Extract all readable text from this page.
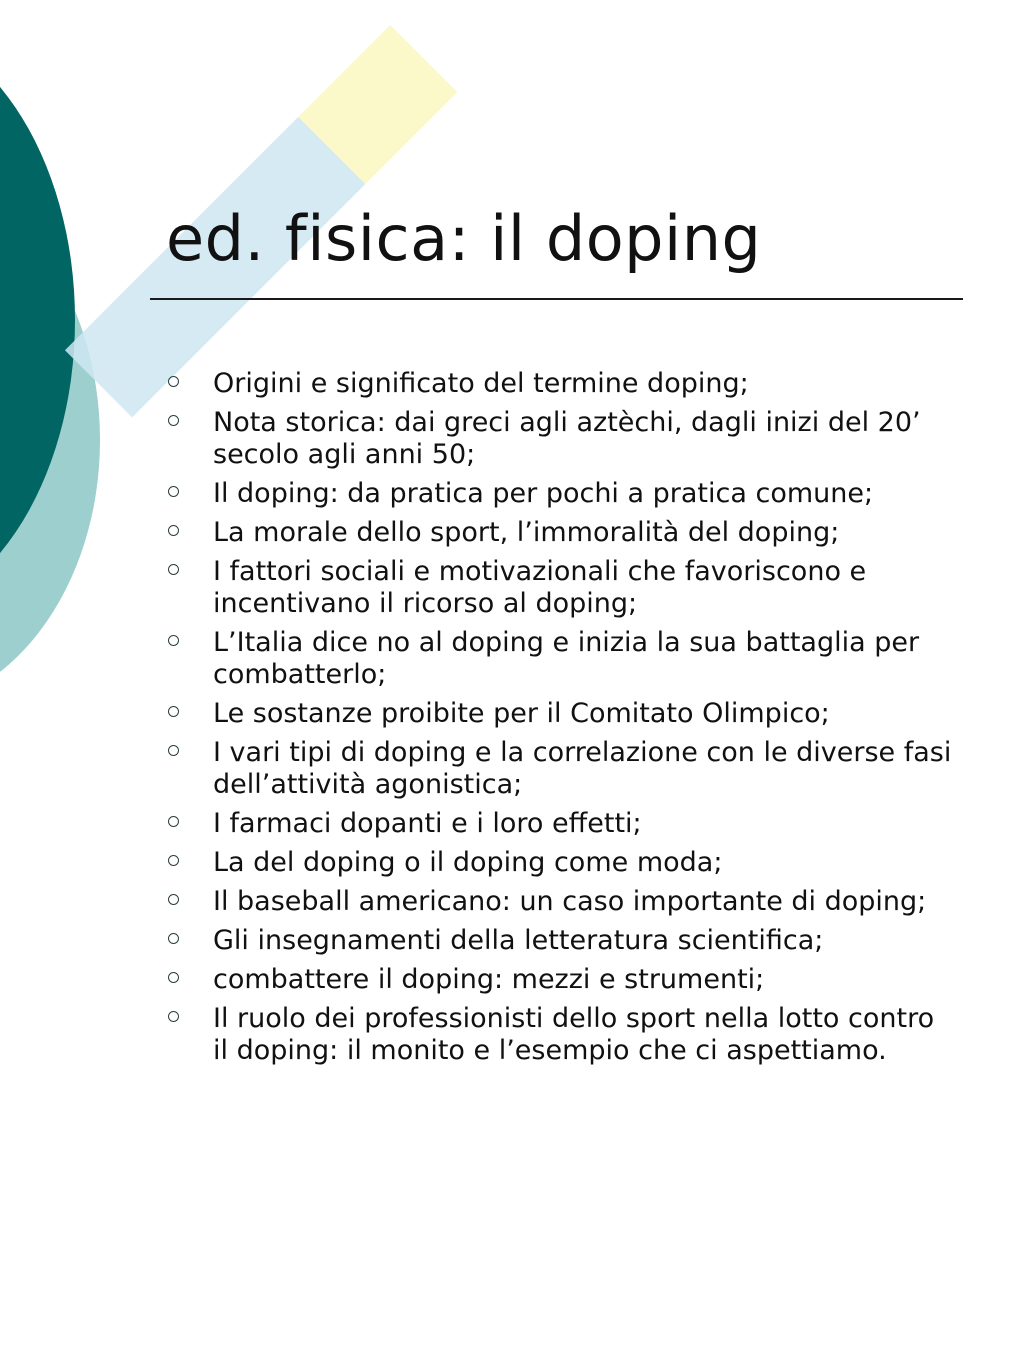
ed. fisica: il doping
Origini e significato del termine doping;
Nota storica: dai greci agli aztèchi, dagli inizi del 20’ secolo agli anni 50;
Il doping: da pratica per pochi a pratica comune;
La morale dello sport, l’immoralità del doping;
I fattori sociali e motivazionali che favoriscono e incentivano il ricorso al doping;
L’Italia dice no al doping e inizia la sua battaglia per combatterlo;
Le sostanze proibite per il Comitato Olimpico;
I vari tipi di doping e la correlazione con le diverse fasi dell’attività agonistica;
I farmaci dopanti e i loro effetti;
La del doping o il doping come moda;
Il baseball americano: un caso importante di doping;
Gli insegnamenti della letteratura scientifica;
combattere il doping: mezzi e strumenti;
Il ruolo dei professionisti dello sport nella lotto contro il doping: il monito e l’esempio che ci aspettiamo.
